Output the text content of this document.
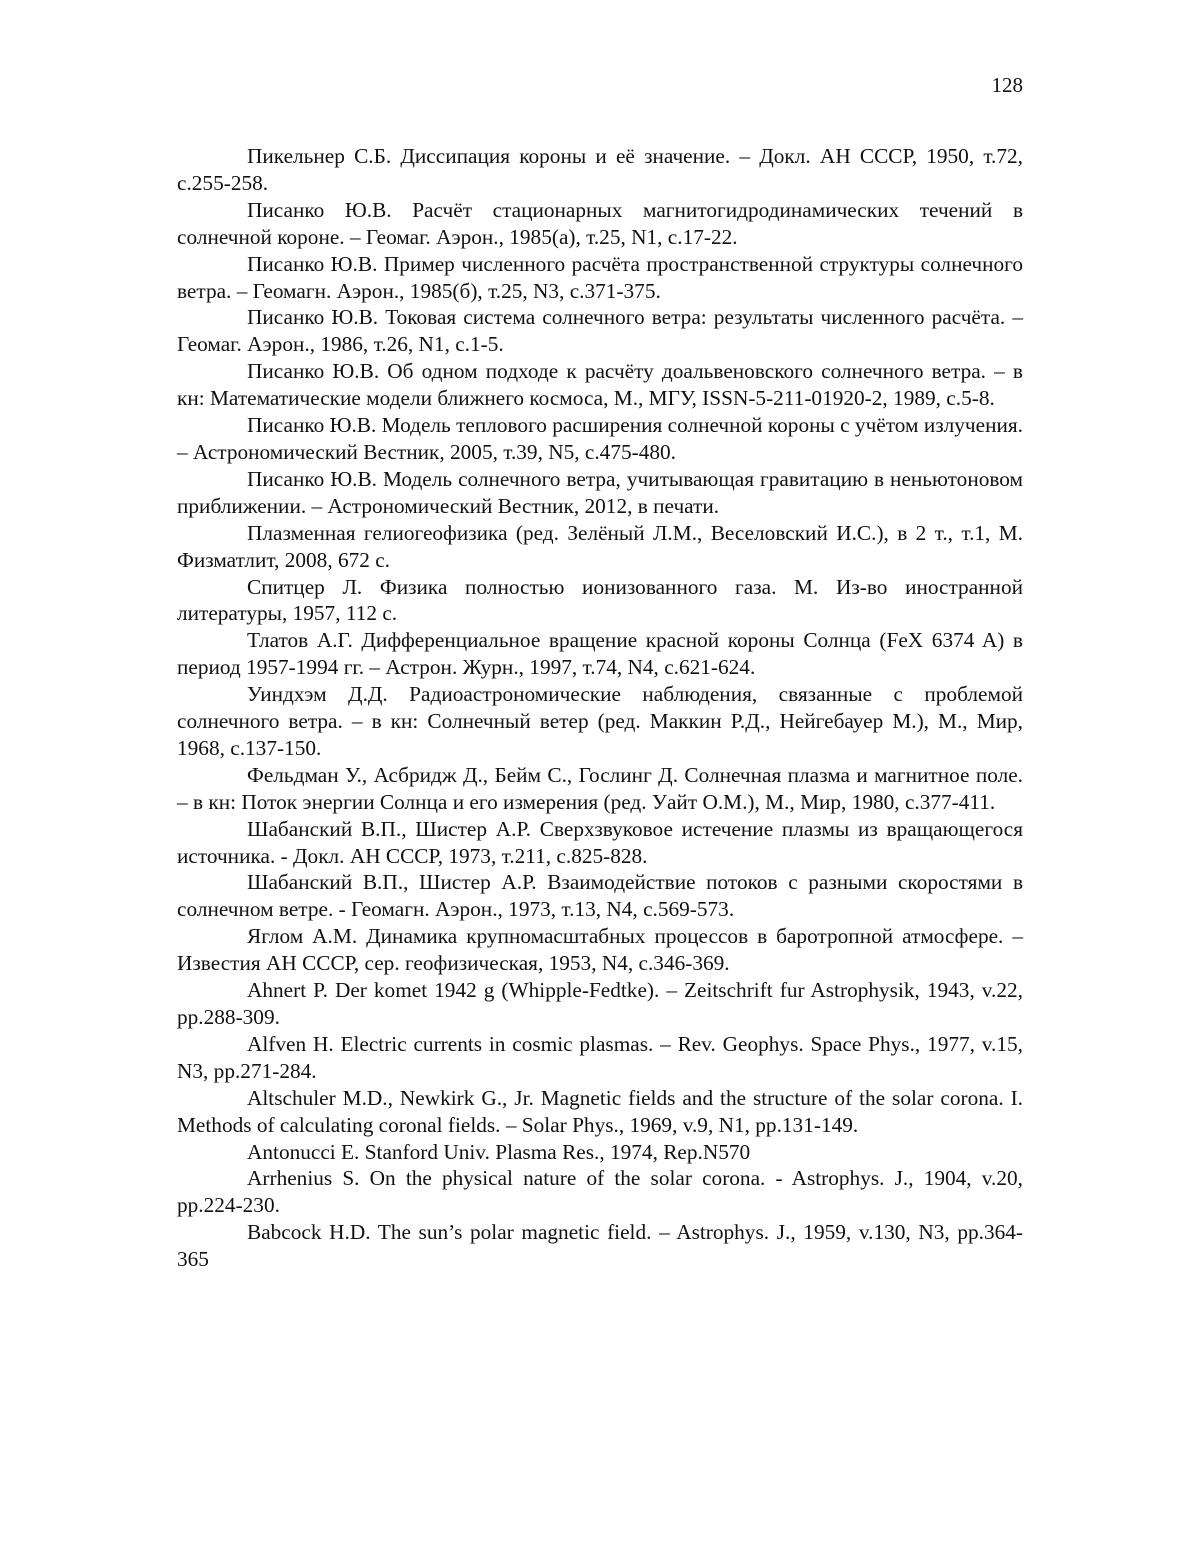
128

Пикельнер С.Б. Диссипация короны и её значение. – Докл. АН СССР, 1950, т.72, с.255-258.

Писанко Ю.В. Расчёт стационарных магнитогидродинамических течений в солнечной короне. – Геомаг. Аэрон., 1985(а), т.25, N1, с.17-22.

Писанко Ю.В. Пример численного расчёта пространственной структуры солнечного ветра. – Геомагн. Аэрон., 1985(б), т.25, N3, с.371-375.

Писанко Ю.В. Токовая система солнечного ветра: результаты численного расчёта. – Геомаг. Аэрон., 1986, т.26, N1, с.1-5.

Писанко Ю.В. Об одном подходе к расчёту доальвеновского солнечного ветра. – в кн: Математические модели ближнего космоса, М., МГУ, ISSN-5-211-01920-2, 1989, с.5-8.

Писанко Ю.В. Модель теплового расширения солнечной короны с учётом излучения. – Астрономический Вестник, 2005, т.39, N5, с.475-480.

Писанко Ю.В. Модель солнечного ветра, учитывающая гравитацию в неньютоновом приближении. – Астрономический Вестник, 2012, в печати.

Плазменная гелиогеофизика (ред. Зелёный Л.М., Веселовский И.С.), в 2 т., т.1, М. Физматлит, 2008, 672 с.

Спитцер Л. Физика полностью ионизованного газа. М. Из-во иностранной литературы, 1957, 112 с.

Тлатов А.Г. Дифференциальное вращение красной короны Солнца (FeX 6374 A) в период 1957-1994 гг. – Астрон. Журн., 1997, т.74, N4, с.621-624.

Уиндхэм Д.Д. Радиоастрономические наблюдения, связанные с проблемой солнечного ветра. – в кн: Солнечный ветер (ред. Маккин Р.Д., Нейгебауер М.), М., Мир, 1968, с.137-150.

Фельдман У., Асбридж Д., Бейм С., Гослинг Д. Солнечная плазма и магнитное поле. – в кн: Поток энергии Солнца и его измерения (ред. Уайт О.М.), М., Мир, 1980, с.377-411.

Шабанский В.П., Шистер А.Р. Сверхзвуковое истечение плазмы из вращающегося источника. - Докл. АН СССР, 1973, т.211, с.825-828.

Шабанский В.П., Шистер А.Р. Взаимодействие потоков с разными скоростями в солнечном ветре. - Геомагн. Аэрон., 1973, т.13, N4, с.569-573.

Яглом А.М. Динамика крупномасштабных процессов в баротропной атмосфере. – Известия АН СССР, сер. геофизическая, 1953, N4, с.346-369.

Ahnert P. Der komet 1942 g (Whipple-Fedtke). – Zeitschrift fur Astrophysik, 1943, v.22, pp.288-309.

Alfven H. Electric currents in cosmic plasmas. – Rev. Geophys. Space Phys., 1977, v.15, N3, pp.271-284.

Altschuler M.D., Newkirk G., Jr. Magnetic fields and the structure of the solar corona. I. Methods of calculating coronal fields. – Solar Phys., 1969, v.9, N1, pp.131-149.

Antonucci E. Stanford Univ. Plasma Res., 1974, Rep.N570

Arrhenius S. On the physical nature of the solar corona. - Astrophys. J., 1904, v.20, pp.224-230.

Babcock H.D. The sun’s polar magnetic field. – Astrophys. J., 1959, v.130, N3, pp.364-365
